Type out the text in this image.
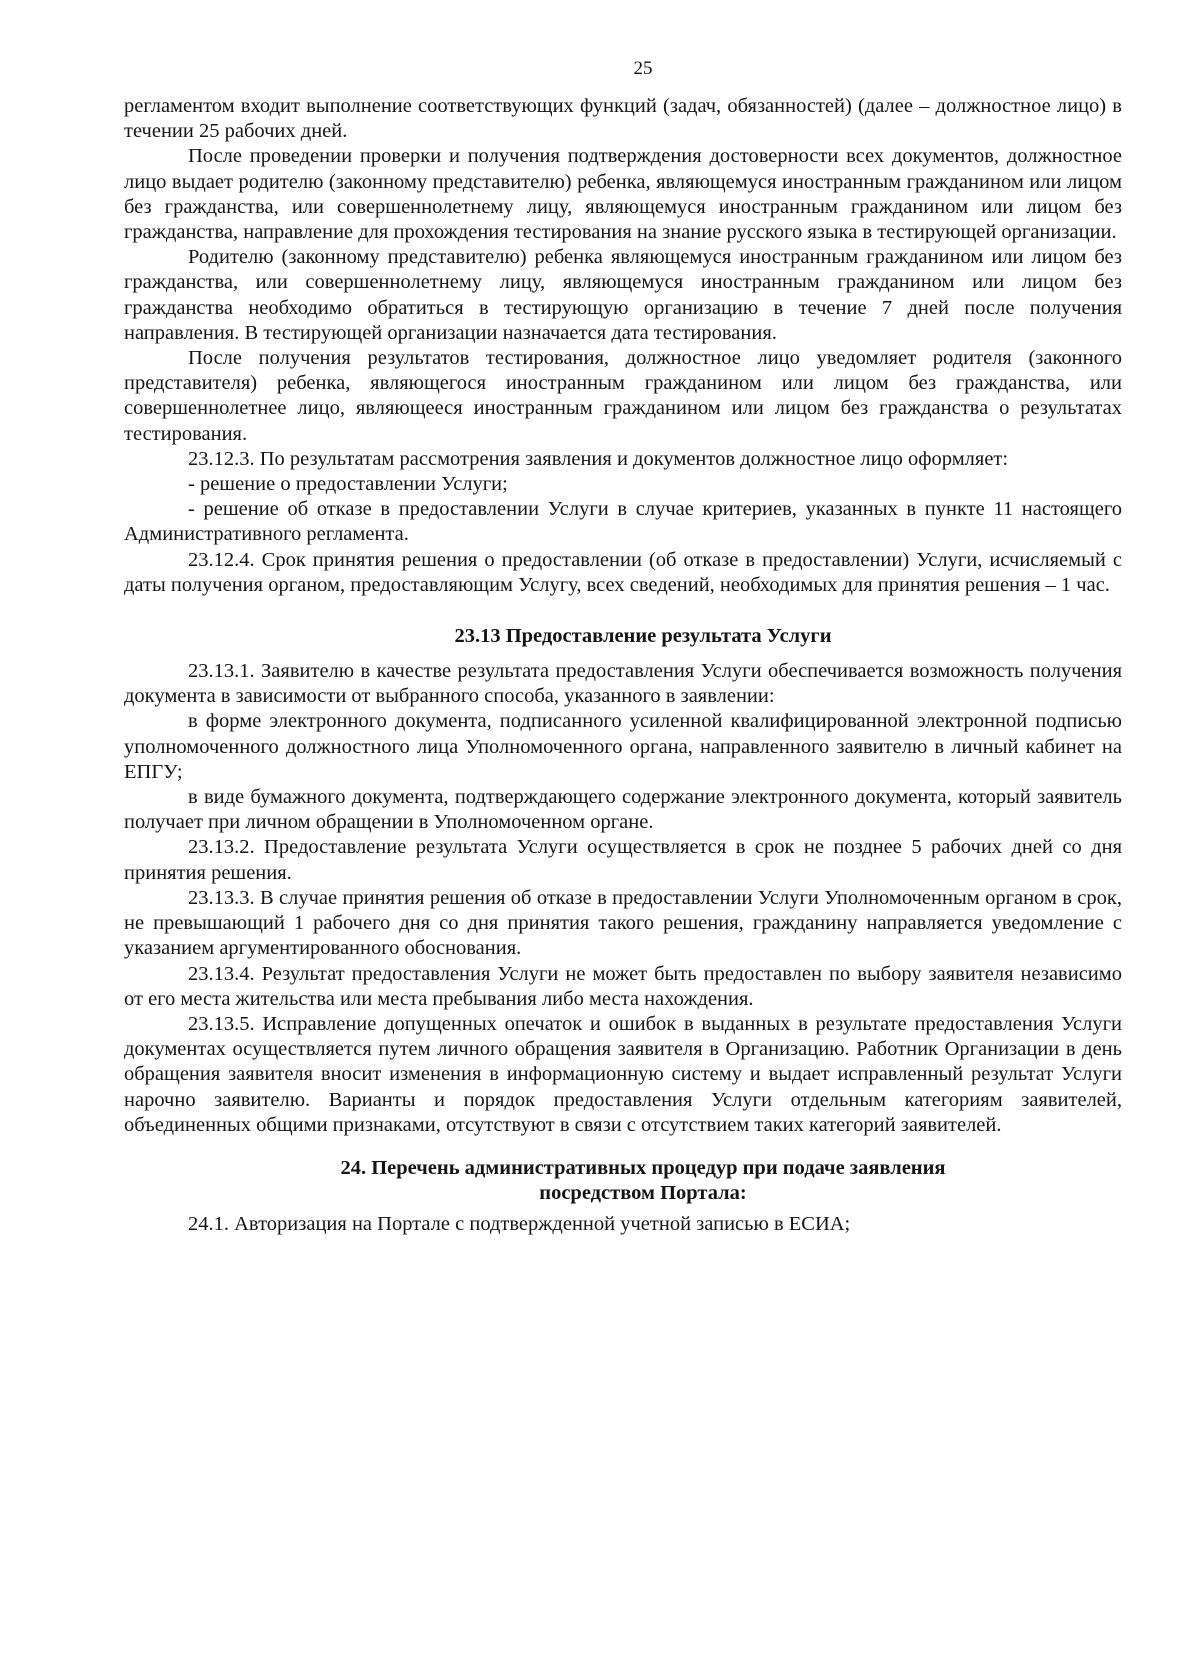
25

регламентом входит выполнение соответствующих функций (задач, обязанностей) (далее – должностное лицо) в течении 25 рабочих дней.

После проведении проверки и получения подтверждения достоверности всех документов, должностное лицо выдает родителю (законному представителю) ребенка, являющемуся иностранным гражданином или лицом без гражданства, или совершеннолетнему лицу, являющемуся иностранным гражданином или лицом без гражданства, направление для прохождения тестирования на знание русского языка в тестирующей организации.

Родителю (законному представителю) ребенка являющемуся иностранным гражданином или лицом без гражданства, или совершеннолетнему лицу, являющемуся иностранным гражданином или лицом без гражданства необходимо обратиться в тестирующую организацию в течение 7 дней после получения направления. В тестирующей организации назначается дата тестирования.

После получения результатов тестирования, должностное лицо уведомляет родителя (законного представителя) ребенка, являющегося иностранным гражданином или лицом без гражданства, или совершеннолетнее лицо, являющееся иностранным гражданином или лицом без гражданства о результатах тестирования.

23.12.3. По результатам рассмотрения заявления и документов должностное лицо оформляет:

- решение о предоставлении Услуги;

- решение об отказе в предоставлении Услуги в случае критериев, указанных в пункте 11 настоящего Административного регламента.

23.12.4. Срок принятия решения о предоставлении (об отказе в предоставлении) Услуги, исчисляемый с даты получения органом, предоставляющим Услугу, всех сведений, необходимых для принятия решения – 1 час.

23.13 Предоставление результата Услуги

23.13.1. Заявителю в качестве результата предоставления Услуги обеспечивается возможность получения документа в зависимости от выбранного способа, указанного в заявлении:

в форме электронного документа, подписанного усиленной квалифицированной электронной подписью уполномоченного должностного лица Уполномоченного органа, направленного заявителю в личный кабинет на ЕПГУ;

в виде бумажного документа, подтверждающего содержание электронного документа, который заявитель получает при личном обращении в Уполномоченном органе.

23.13.2. Предоставление результата Услуги осуществляется в срок не позднее 5 рабочих дней со дня принятия решения.

23.13.3. В случае принятия решения об отказе в предоставлении Услуги Уполномоченным органом в срок, не превышающий 1 рабочего дня со дня принятия такого решения, гражданину направляется уведомление с указанием аргументированного обоснования.

23.13.4. Результат предоставления Услуги не может быть предоставлен по выбору заявителя независимо от его места жительства или места пребывания либо места нахождения.

23.13.5. Исправление допущенных опечаток и ошибок в выданных в результате предоставления Услуги документах осуществляется путем личного обращения заявителя в Организацию. Работник Организации в день обращения заявителя вносит изменения в информационную систему и выдает исправленный результат Услуги нарочно заявителю. Варианты и порядок предоставления Услуги отдельным категориям заявителей, объединенных общими признаками, отсутствуют в связи с отсутствием таких категорий заявителей.

24. Перечень административных процедур при подаче заявления
посредством Портала:

24.1. Авторизация на Портале с подтвержденной учетной записью в ЕСИА;
